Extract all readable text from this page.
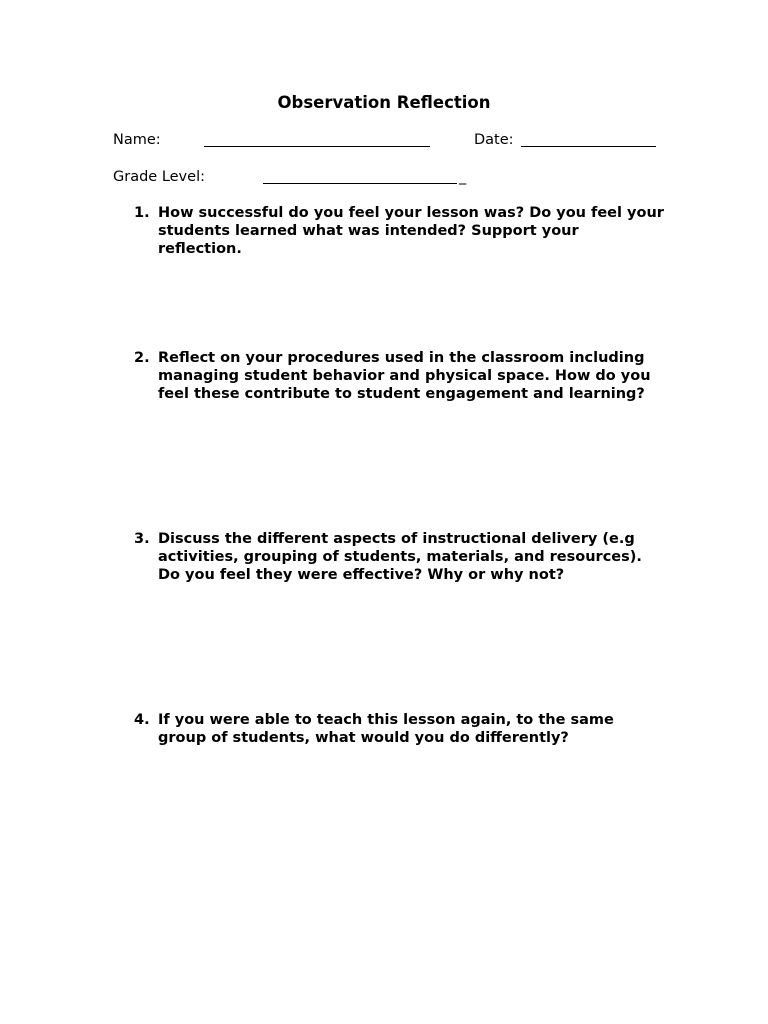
Observation Reflection
Name:	Date:
Grade Level:	_
1. How successful do you feel your lesson was? Do you feel your students learned what was intended? Support your reflection.
2. Reflect on your procedures used in the classroom including managing student behavior and physical space. How do you feel these contribute to student engagement and learning?
3. Discuss the different aspects of instructional delivery (e.g activities, grouping of students, materials, and resources). Do you feel they were effective? Why or why not?
4. If you were able to teach this lesson again, to the same group of students, what would you do differently?
